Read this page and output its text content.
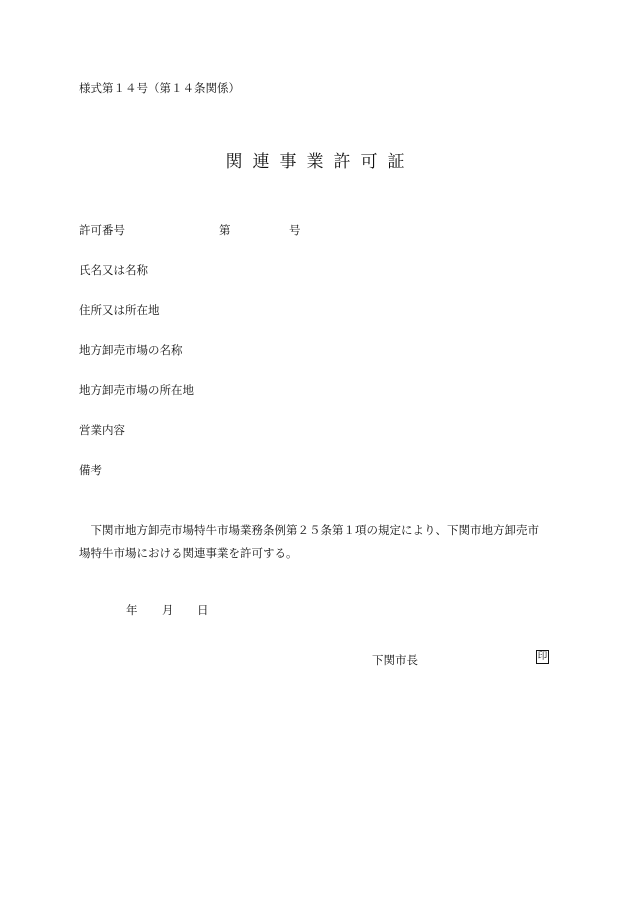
様式第１４号（第１４条関係）
関連事業許可証
許可番号	第	号
氏名又は名称
住所又は所在地
地方卸売市場の名称
地方卸売市場の所在地
営業内容
備考
　下関市地方卸売市場特牛市場業務条例第２５条第１項の規定により、下関市地方卸売市
場特牛市場における関連事業を許可する。
年 月 日
下関市長	印
